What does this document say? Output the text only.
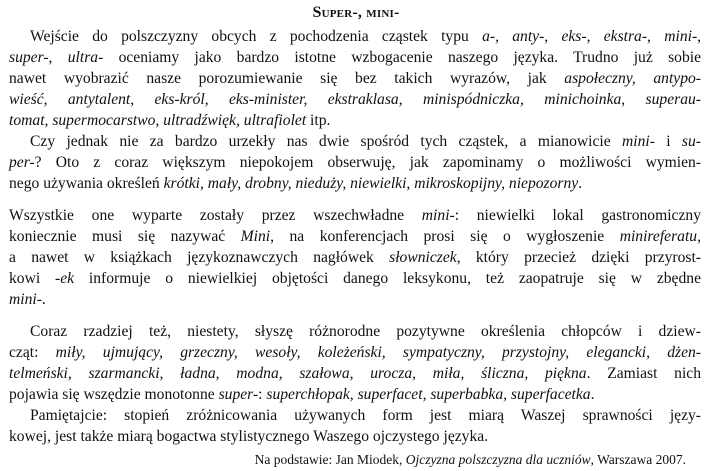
Super-, mini-
Wejście do polszczyzny obcych z pochodzenia cząstek typu a-, anty-, eks-, ekstra-, mini-,
super-, ultra- oceniamy jako bardzo istotne wzbogacenie naszego języka. Trudno już sobie
nawet wyobrazić nasze porozumiewanie się bez takich wyrazów, jak aspołeczny, antypo-
wieść, antytalent, eks-król, eks-minister, ekstraklasa, minispódniczka, minichoinka, superau-
tomat, supermocarstwo, ultradźwięk, ultrafiolet itp.
Czy jednak nie za bardzo urzekły nas dwie spośród tych cząstek, a mianowicie mini- i su-
per-? Oto z coraz większym niepokojem obserwuję, jak zapominamy o możliwości wymien-
nego używania określeń krótki, mały, drobny, nieduży, niewielki, mikroskopijny, niepozorny.
Wszystkie one wyparte zostały przez wszechwładne mini-: niewielki lokal gastronomiczny
koniecznie musi się nazywać Mini, na konferencjach prosi się o wygłoszenie minireferatu,
a nawet w książkach językoznawczych nagłówek słowniczek, który przecież dzięki przyrost-
kowi -ek informuje o niewielkiej objętości danego leksykonu, też zaopatruje się w zbędne
mini-.
Coraz rzadziej też, niestety, słyszę różnorodne pozytywne określenia chłopców i dziew-
cząt: miły, ujmujący, grzeczny, wesoły, koleżeński, sympatyczny, przystojny, elegancki, dżen-
telmeński, szarmancki, ładna, modna, szałowa, urocza, miła, śliczna, piękna. Zamiast nich
pojawia się wszędzie monotonne super-: superchłopak, superfacet, superbabka, superfacetka.
Pamiętajcie: stopień zróżnicowania używanych form jest miarą Waszej sprawności języ-
kowej, jest także miarą bogactwa stylistycznego Waszego ojczystego języka.
Na podstawie: Jan Miodek, Ojczyzna polszczyzna dla uczniów, Warszawa 2007.
